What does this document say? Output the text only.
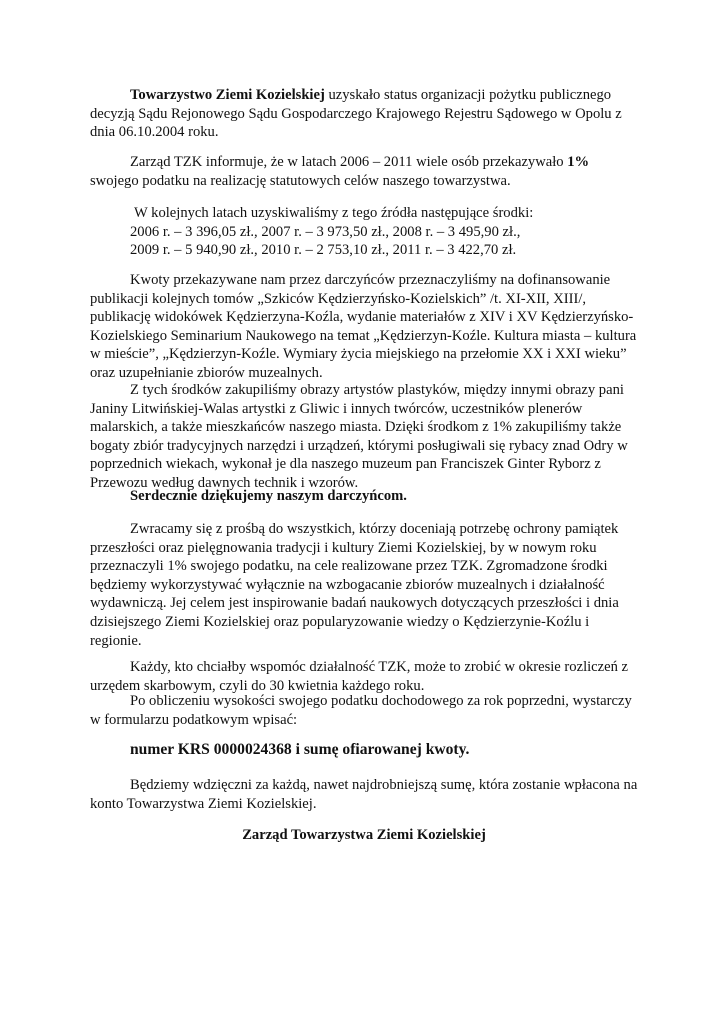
Towarzystwo Ziemi Kozielskiej uzyskało status organizacji pożytku publicznego decyzją Sądu Rejonowego Sądu Gospodarczego Krajowego Rejestru Sądowego w Opolu z dnia 06.10.2004 roku.

Zarząd TZK informuje, że w latach 2006 – 2011 wiele osób przekazywało 1% swojego podatku na realizację statutowych celów naszego towarzystwa.

W kolejnych latach uzyskiwaliśmy z tego źródła następujące środki:
2006 r. – 3 396,05 zł., 2007 r. – 3 973,50 zł., 2008 r. – 3 495,90 zł.,
2009 r. – 5 940,90 zł., 2010 r. – 2 753,10 zł., 2011 r. – 3 422,70 zł.

Kwoty przekazywane nam przez darczyńców przeznaczyliśmy na dofinansowanie publikacji kolejnych tomów „Szkiców Kędzierzyńsko-Kozielskich” /t. XI-XII, XIII/, publikację widokówek Kędzierzyna-Koźla, wydanie materiałów z XIV i XV Kędzierzyńsko-Kozielskiego Seminarium Naukowego na temat „Kędzierzyn-Koźle. Kultura miasta – kultura w mieście”, „Kędzierzyn-Koźle. Wymiary życia miejskiego na przełomie XX i XXI wieku” oraz uzupełnianie zbiorów muzealnych.

Z tych środków zakupiliśmy obrazy artystów plastyków, między innymi obrazy pani Janiny Litwińskiej-Walas artystki z Gliwic i innych twórców, uczestników plenerów malarskich, a także mieszkańców naszego miasta. Dzięki środkom z 1% zakupiliśmy także bogaty zbiór tradycyjnych narzędzi i urządzeń, którymi posługiwali się rybacy znad Odry w poprzednich wiekach, wykonał je dla naszego muzeum pan Franciszek Ginter Ryborz z Przewozu według dawnych technik i wzorów.

Serdecznie dziękujemy naszym darczyńcom.

Zwracamy się z prośbą do wszystkich, którzy doceniają potrzebę ochrony pamiątek przeszłości oraz pielęgnowania tradycji i kultury Ziemi Kozielskiej, by w nowym roku przeznaczyli 1% swojego podatku, na cele realizowane przez TZK. Zgromadzone środki będziemy wykorzystywać wyłącznie na wzbogacanie zbiorów muzealnych i działalność wydawniczą. Jej celem jest inspirowanie badań naukowych dotyczących przeszłości i dnia dzisiejszego Ziemi Kozielskiej oraz popularyzowanie wiedzy o Kędzierzynie-Koźlu i regionie.

Każdy, kto chciałby wspomóc działalność TZK, może to zrobić w okresie rozliczeń z urzędem skarbowym, czyli do 30 kwietnia każdego roku.

Po obliczeniu wysokości swojego podatku dochodowego za rok poprzedni, wystarczy w formularzu podatkowym wpisać:

numer KRS 0000024368 i sumę ofiarowanej kwoty.

Będziemy wdzięczni za każdą, nawet najdrobniejszą sumę, która zostanie wpłacona na konto Towarzystwa Ziemi Kozielskiej.

Zarząd Towarzystwa Ziemi Kozielskiej
